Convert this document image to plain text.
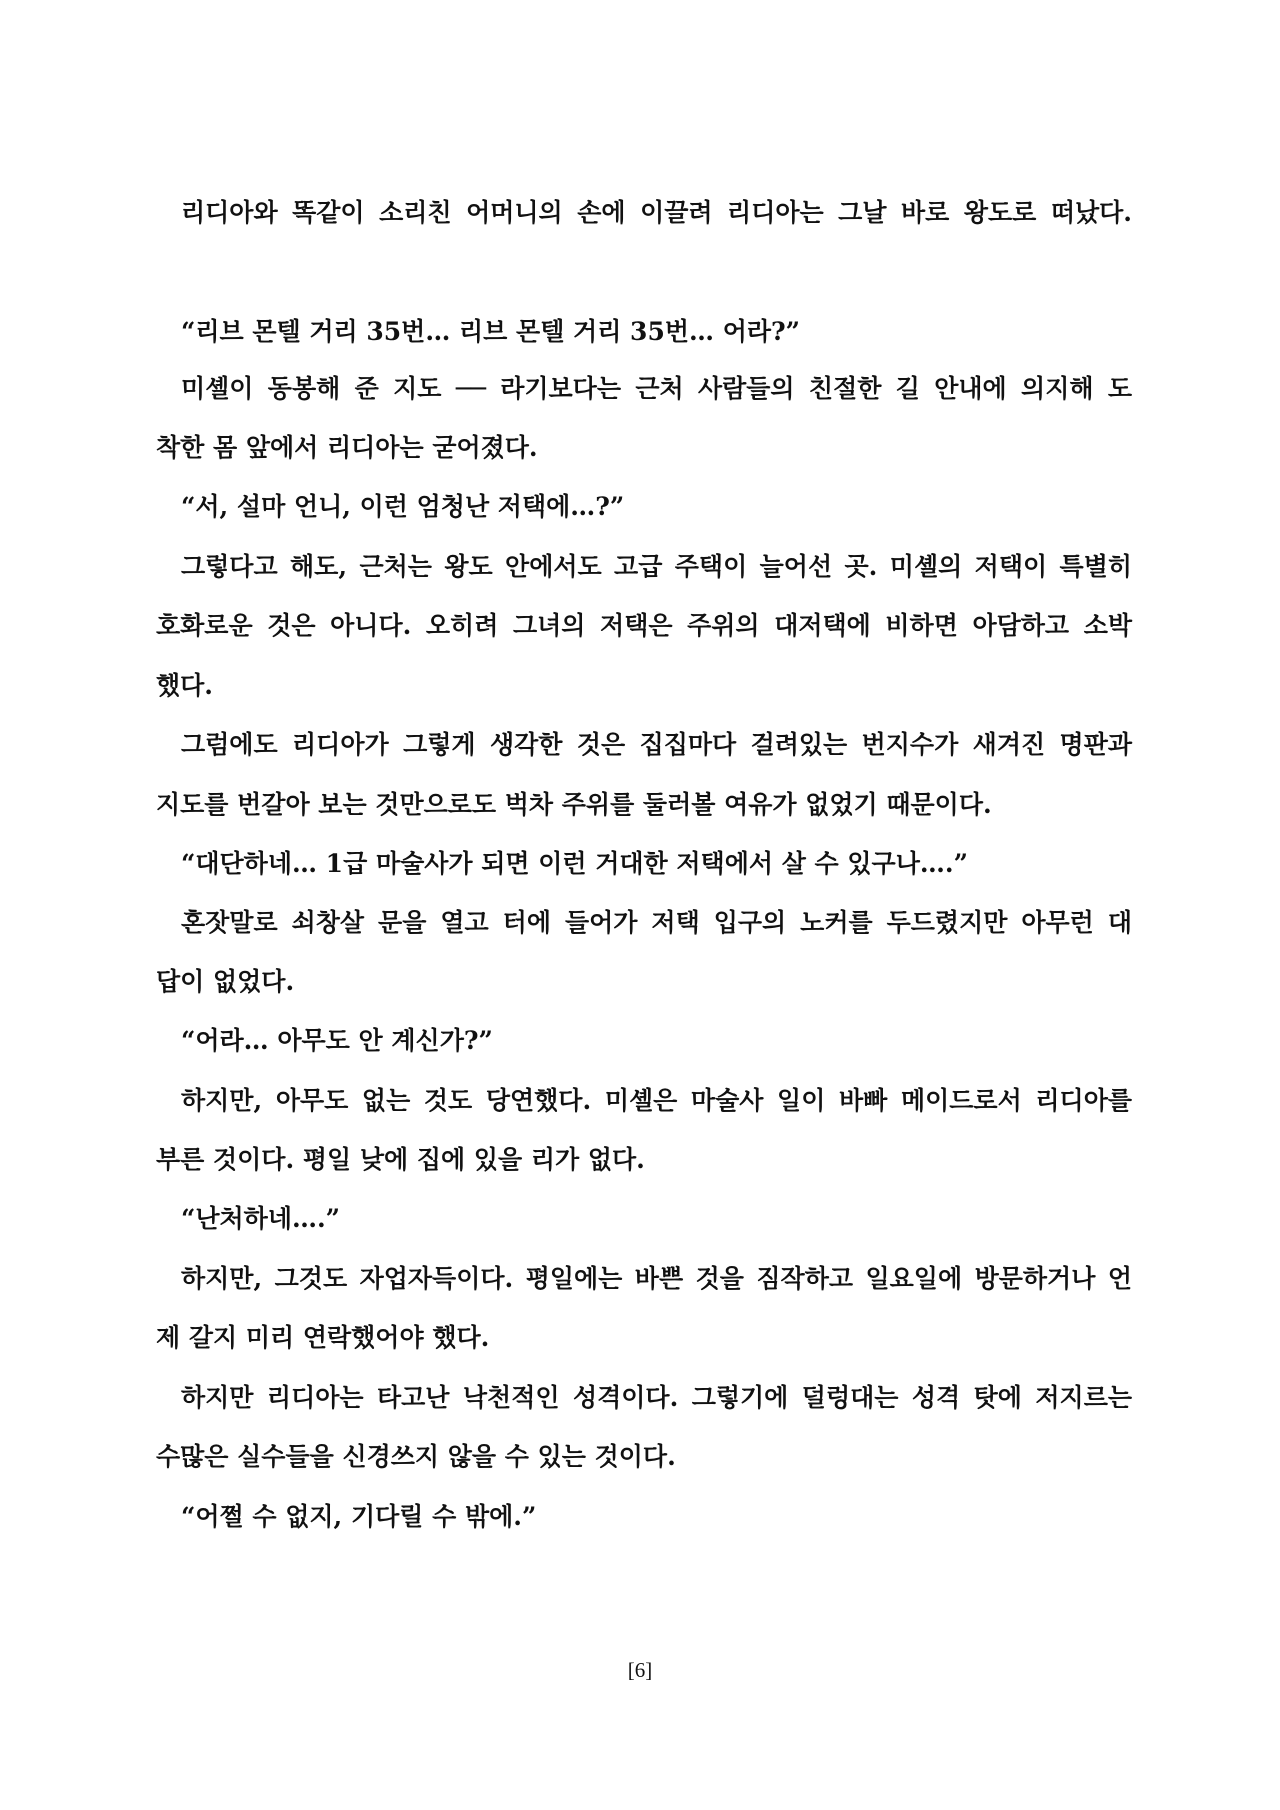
리디아와 똑같이 소리친 어머니의 손에 이끌려 리디아는 그날 바로 왕도로 떠났다.
“리브 몬텔 거리 35번… 리브 몬텔 거리 35번… 어라?”
미셸이 동봉해 준 지도 ── 라기보다는 근처 사람들의 친절한 길 안내에 의지해 도
착한 몸 앞에서 리디아는 굳어졌다.
“서, 설마 언니, 이런 엄청난 저택에…?”
그렇다고 해도, 근처는 왕도 안에서도 고급 주택이 늘어선 곳. 미셸의 저택이 특별히
호화로운 것은 아니다. 오히려 그녀의 저택은 주위의 대저택에 비하면 아담하고 소박
했다.
그럼에도 리디아가 그렇게 생각한 것은 집집마다 걸려있는 번지수가 새겨진 명판과
지도를 번갈아 보는 것만으로도 벅차 주위를 둘러볼 여유가 없었기 때문이다.
“대단하네… 1급 마술사가 되면 이런 거대한 저택에서 살 수 있구나….”
혼잣말로 쇠창살 문을 열고 터에 들어가 저택 입구의 노커를 두드렸지만 아무런 대
답이 없었다.
“어라… 아무도 안 계신가?”
하지만, 아무도 없는 것도 당연했다. 미셸은 마술사 일이 바빠 메이드로서 리디아를
부른 것이다. 평일 낮에 집에 있을 리가 없다.
“난처하네….”
하지만, 그것도 자업자득이다. 평일에는 바쁜 것을 짐작하고 일요일에 방문하거나 언
제 갈지 미리 연락했어야 했다.
하지만 리디아는 타고난 낙천적인 성격이다. 그렇기에 덜렁대는 성격 탓에 저지르는
수많은 실수들을 신경쓰지 않을 수 있는 것이다.
“어쩔 수 없지, 기다릴 수 밖에.”
[6]
